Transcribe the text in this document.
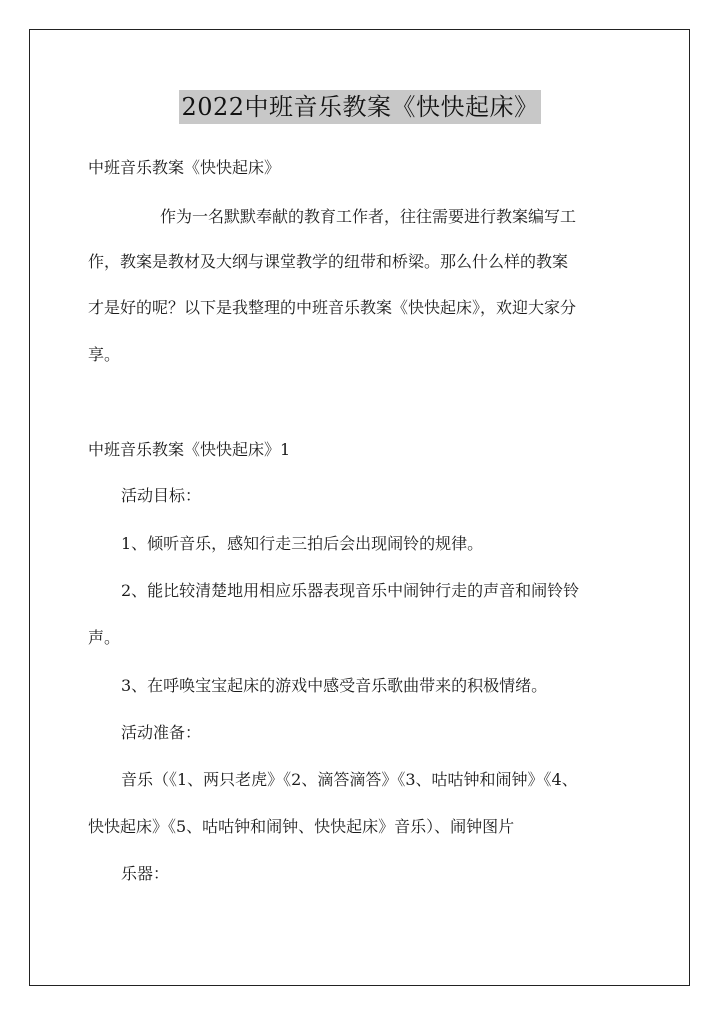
2022中班音乐教案《快快起床》
中班音乐教案《快快起床》
作为一名默默奉献的教育工作者，往往需要进行教案编写工
作，教案是教材及大纲与课堂教学的纽带和桥梁。那么什么样的教案
才是好的呢？以下是我整理的中班音乐教案《快快起床》，欢迎大家分
享。
中班音乐教案《快快起床》1
活动目标：
1、倾听音乐，感知行走三拍后会出现闹铃的规律。
2、能比较清楚地用相应乐器表现音乐中闹钟行走的声音和闹铃铃
声。
3、在呼唤宝宝起床的游戏中感受音乐歌曲带来的积极情绪。
活动准备：
音乐（《1、两只老虎》《2、滴答滴答》《3、咕咕钟和闹钟》《4、
快快起床》《5、咕咕钟和闹钟、快快起床》音乐）、闹钟图片
乐器：
